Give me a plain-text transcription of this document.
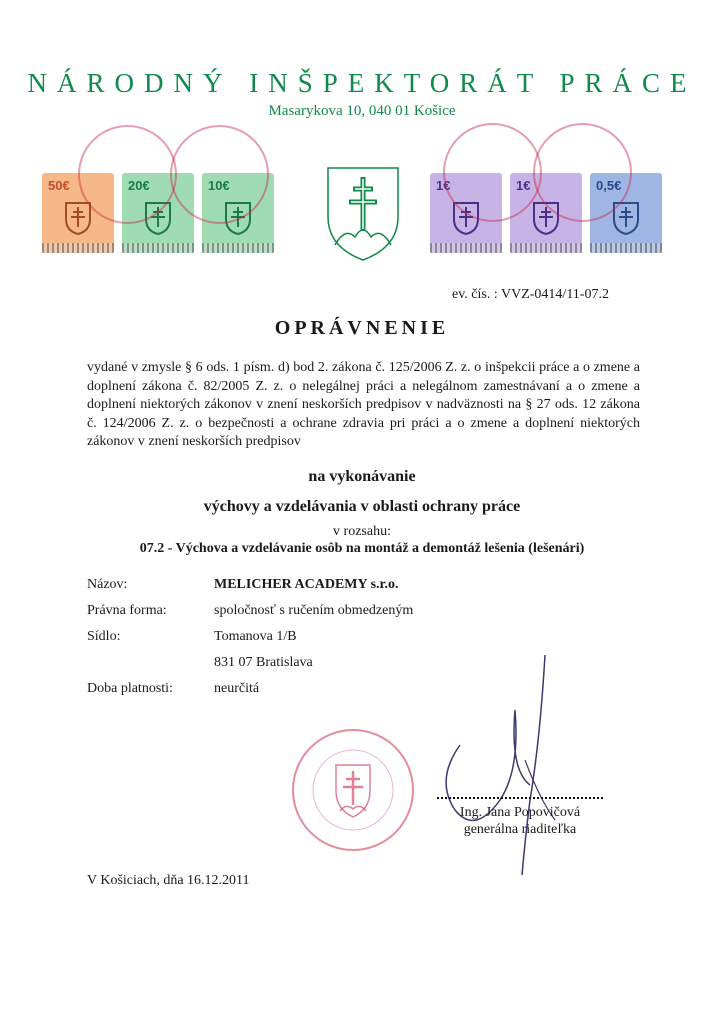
NÁRODNÝ INŠPEKTORÁT PRÁCE
Masarykova 10, 040 01 Košice
50€	20€	10€	1€	1€	0,5€
ev. čís. : VVZ-0414/11-07.2
OPRÁVNENIE
vydané v zmysle § 6 ods. 1 písm. d) bod 2. zákona č. 125/2006 Z. z. o inšpekcii práce a o zmene a doplnení zákona č. 82/2005 Z. z. o nelegálnej práci a nelegálnom zamestnávaní a o zmene a doplnení niektorých zákonov v znení neskorších predpisov v nadväznosti na § 27 ods. 12 zákona č. 124/2006 Z. z. o bezpečnosti a ochrane zdravia pri práci a o zmene a doplnení niektorých zákonov v znení neskorších predpisov
na vykonávanie
výchovy a vzdelávania v oblasti ochrany práce
v rozsahu:
07.2 - Výchova a vzdelávanie osôb na montáž a demontáž lešenia (lešenári)
Názov:	MELICHER ACADEMY s.r.o.
Právna forma:	spoločnosť s ručením obmedzeným
Sídlo:	Tomanova 1/B
831 07 Bratislava
Doba platnosti:	neurčitá
Ing. Jana Popovičová
generálna riaditeľka
V Košiciach, dňa 16.12.2011
